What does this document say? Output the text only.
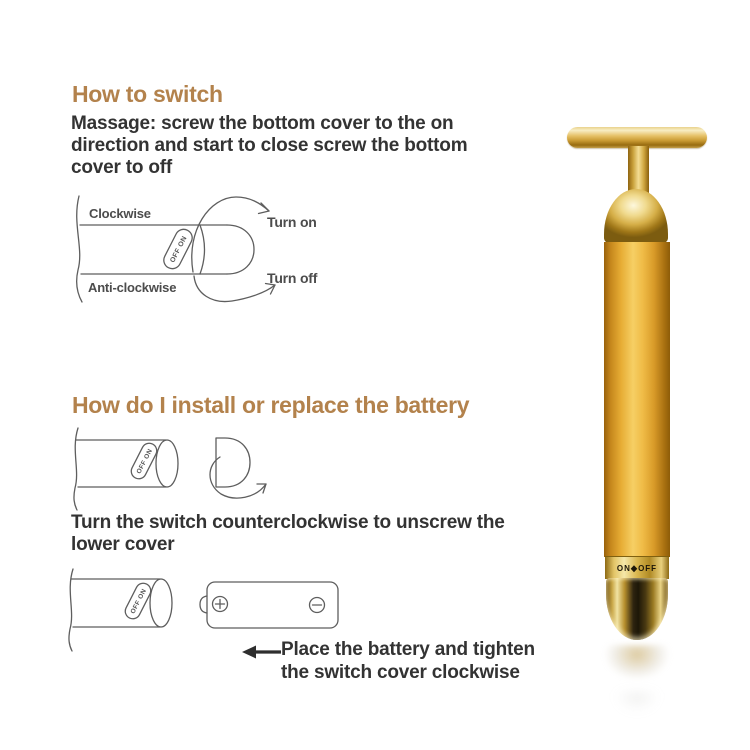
How to switch
Massage: screw the bottom cover to the on
direction and start to close screw the bottom
cover to off
OFF ON
Clockwise
Anti-clockwise
Turn on
Turn off
How do I install or replace the battery
OFF ON
Turn the switch counterclockwise to unscrew the
lower cover
OFF ON
Place the battery and tighten
the switch cover clockwise
ON◆OFF
